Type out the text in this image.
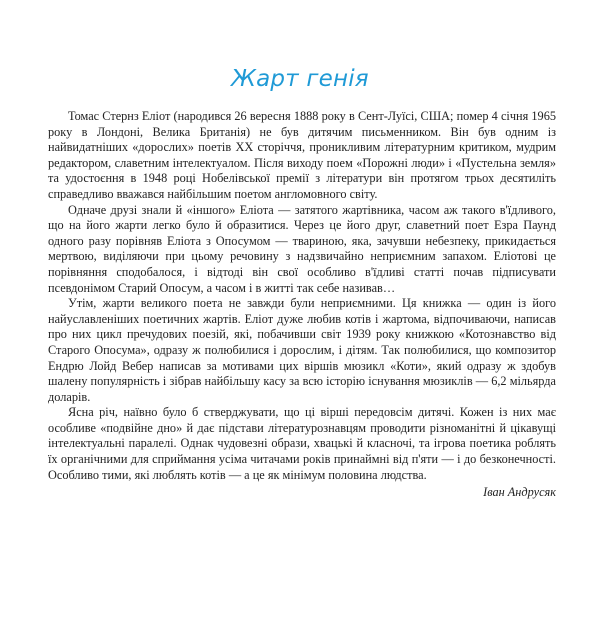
Жарт генія

Томас Стернз Еліот (народився 26 вересня 1888 року в Сент-Луїсі, США; помер 4 січня 1965 року в Лондоні, Велика Британія) не був дитячим письменником. Він був одним із найвидатніших «дорослих» поетів XX сторіччя, проникливим літературним критиком, мудрим редактором, славетним інтелектуалом. Після виходу поем «Порожні люди» і «Пустельна земля» та удостоєння в 1948 році Нобелівської премії з літератури він протягом трьох десятиліть справедливо вважався найбільшим поетом англомовного світу.

Одначе друзі знали й «іншого» Еліота — затятого жартівника, часом аж такого в'їдливого, що на його жарти легко було й образитися. Через це його друг, славетний поет Езра Паунд одного разу порівняв Еліота з Опосумом — твариною, яка, зачувши небезпеку, прикидається мертвою, виділяючи при цьому речовину з надзвичайно неприємним запахом. Еліотові це порівняння сподобалося, і відтоді він свої особливо в'їдливі статті почав підписувати псевдонімом Старий Опосум, а часом і в житті так себе називав…

Утім, жарти великого поета не завжди були неприємними. Ця книжка — один із його найуславленіших поетичних жартів. Еліот дуже любив котів і жартома, відпочиваючи, написав про них цикл пречудових поезій, які, побачивши світ 1939 року книжкою «Котознавство від Старого Опосума», одразу ж полюбилися і дорослим, і дітям. Так полюбилися, що композитор Ендрю Лойд Вебер написав за мотивами цих віршів мюзикл «Коти», який одразу ж здобув шалену популярність і зібрав найбільшу касу за всю історію існування мюзиклів — 6,2 мільярда доларів.

Ясна річ, наївно було б стверджувати, що ці вірші передовсім дитячі. Кожен із них має особливе «подвійне дно» й дає підстави літературознавцям проводити різноманітні й цікавущі інтелектуальні паралелі. Однак чудовезні образи, хвацькі й класночі, та ігрова поетика роблять їх органічними для сприймання усіма читачами років принаймні від п'яти — і до безконечності. Особливо тими, які люблять котів — а це як мінімум половина людства.

Іван Андрусяк
